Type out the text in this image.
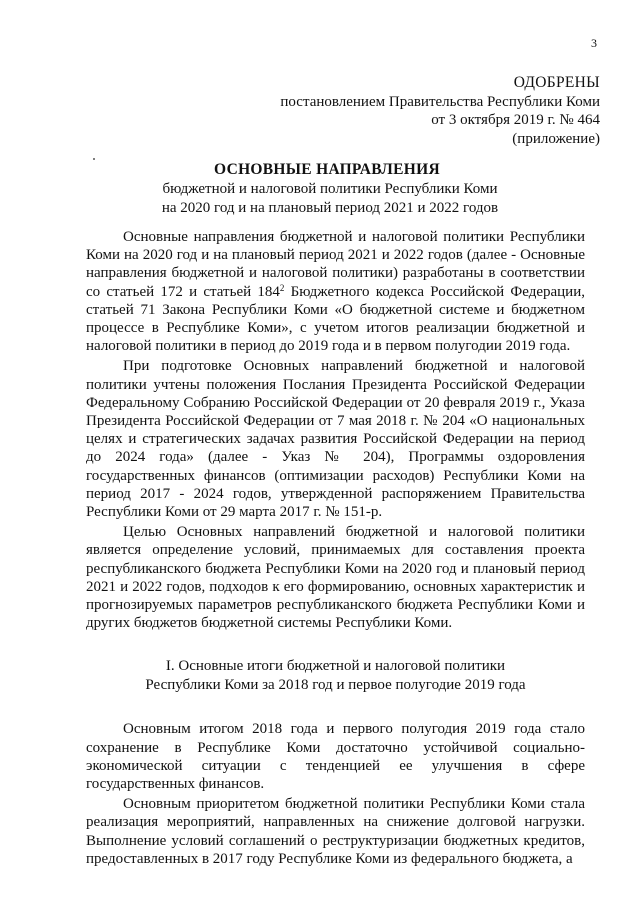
3
ОДОБРЕНЫ
постановлением Правительства Республики Коми
от 3 октября 2019 г. № 464
(приложение)
ОСНОВНЫЕ НАПРАВЛЕНИЯ
бюджетной и налоговой политики Республики Коми
на 2020 год и на плановый период 2021 и 2022 годов

Основные направления бюджетной и налоговой политики Республики Коми на 2020 год и на плановый период 2021 и 2022 годов (далее - Основные направления бюджетной и налоговой политики) разработаны в соответствии со статьей 172 и статьей $184^2$ Бюджетного кодекса Российской Федерации, статьей 71 Закона Республики Коми «О бюджетной системе и бюджетном процессе в Республике Коми», с учетом итогов реализации бюджетной и налоговой политики в период до 2019 года и в первом полугодии 2019 года.

При подготовке Основных направлений бюджетной и налоговой политики учтены положения Послания Президента Российской Федерации Федеральному Собранию Российской Федерации от 20 февраля 2019 г., Указа Президента Российской Федерации от 7 мая 2018 г. № 204 «О национальных целях и стратегических задачах развития Российской Федерации на период до 2024 года» (далее - Указ № 204), Программы оздоровления государственных финансов (оптимизации расходов) Республики Коми на период 2017 - 2024 годов, утвержденной распоряжением Правительства Республики Коми от 29 марта 2017 г. № 151-р.

Целью Основных направлений бюджетной и налоговой политики является определение условий, принимаемых для составления проекта республиканского бюджета Республики Коми на 2020 год и плановый период 2021 и 2022 годов, подходов к его формированию, основных характеристик и прогнозируемых параметров республиканского бюджета Республики Коми и других бюджетов бюджетной системы Республики Коми.

I. Основные итоги бюджетной и налоговой политики
Республики Коми за 2018 год и первое полугодие 2019 года

Основным итогом 2018 года и первого полугодия 2019 года стало сохранение в Республике Коми достаточно устойчивой социально-экономической ситуации с тенденцией ее улучшения в сфере государственных финансов.

Основным приоритетом бюджетной политики Республики Коми стала реализация мероприятий, направленных на снижение долговой нагрузки. Выполнение условий соглашений о реструктуризации бюджетных кредитов, предоставленных в 2017 году Республике Коми из федерального бюджета, а
